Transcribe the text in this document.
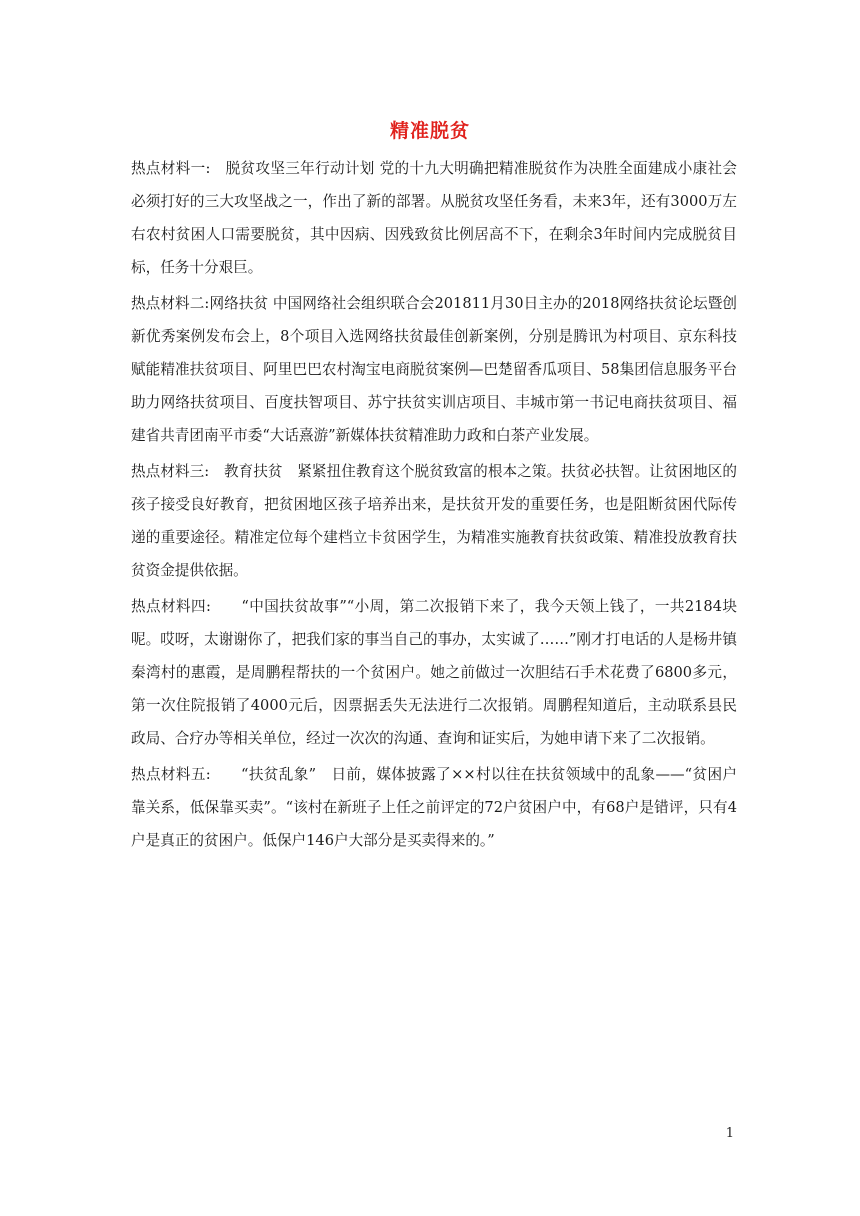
精准脱贫

热点材料一:　脱贫攻坚三年行动计划 党的十九大明确把精准脱贫作为决胜全面建成小康社会必须打好的三大攻坚战之一，作出了新的部署。从脱贫攻坚任务看，未来3年，还有3000万左右农村贫困人口需要脱贫，其中因病、因残致贫比例居高不下，在剩余3年时间内完成脱贫目标，任务十分艰巨。

热点材料二:网络扶贫 中国网络社会组织联合会201811月30日主办的2018网络扶贫论坛暨创新优秀案例发布会上，8个项目入选网络扶贫最佳创新案例，分别是腾讯为村项目、京东科技赋能精准扶贫项目、阿里巴巴农村淘宝电商脱贫案例—巴楚留香瓜项目、58集团信息服务平台助力网络扶贫项目、百度扶智项目、苏宁扶贫实训店项目、丰城市第一书记电商扶贫项目、福建省共青团南平市委“大话熹游”新媒体扶贫精准助力政和白茶产业发展。

热点材料三:　教育扶贫　紧紧扭住教育这个脱贫致富的根本之策。扶贫必扶智。让贫困地区的孩子接受良好教育，把贫困地区孩子培养出来，是扶贫开发的重要任务，也是阻断贫困代际传递的重要途径。精准定位每个建档立卡贫困学生，为精准实施教育扶贫政策、精准投放教育扶贫资金提供依据。

热点材料四:　　“中国扶贫故事”“小周，第二次报销下来了，我今天领上钱了，一共2184块呢。哎呀，太谢谢你了，把我们家的事当自己的事办，太实诚了……”刚才打电话的人是杨井镇秦湾村的惠霞，是周鹏程帮扶的一个贫困户。她之前做过一次胆结石手术花费了6800多元，第一次住院报销了4000元后，因票据丢失无法进行二次报销。周鹏程知道后，主动联系县民政局、合疗办等相关单位，经过一次次的沟通、查询和证实后，为她申请下来了二次报销。

热点材料五:　　“扶贫乱象”　日前，媒体披露了××村以往在扶贫领域中的乱象——“贫困户靠关系，低保靠买卖”。“该村在新班子上任之前评定的72户贫困户中，有68户是错评，只有4户是真正的贫困户。低保户146户大部分是买卖得来的。”

1
